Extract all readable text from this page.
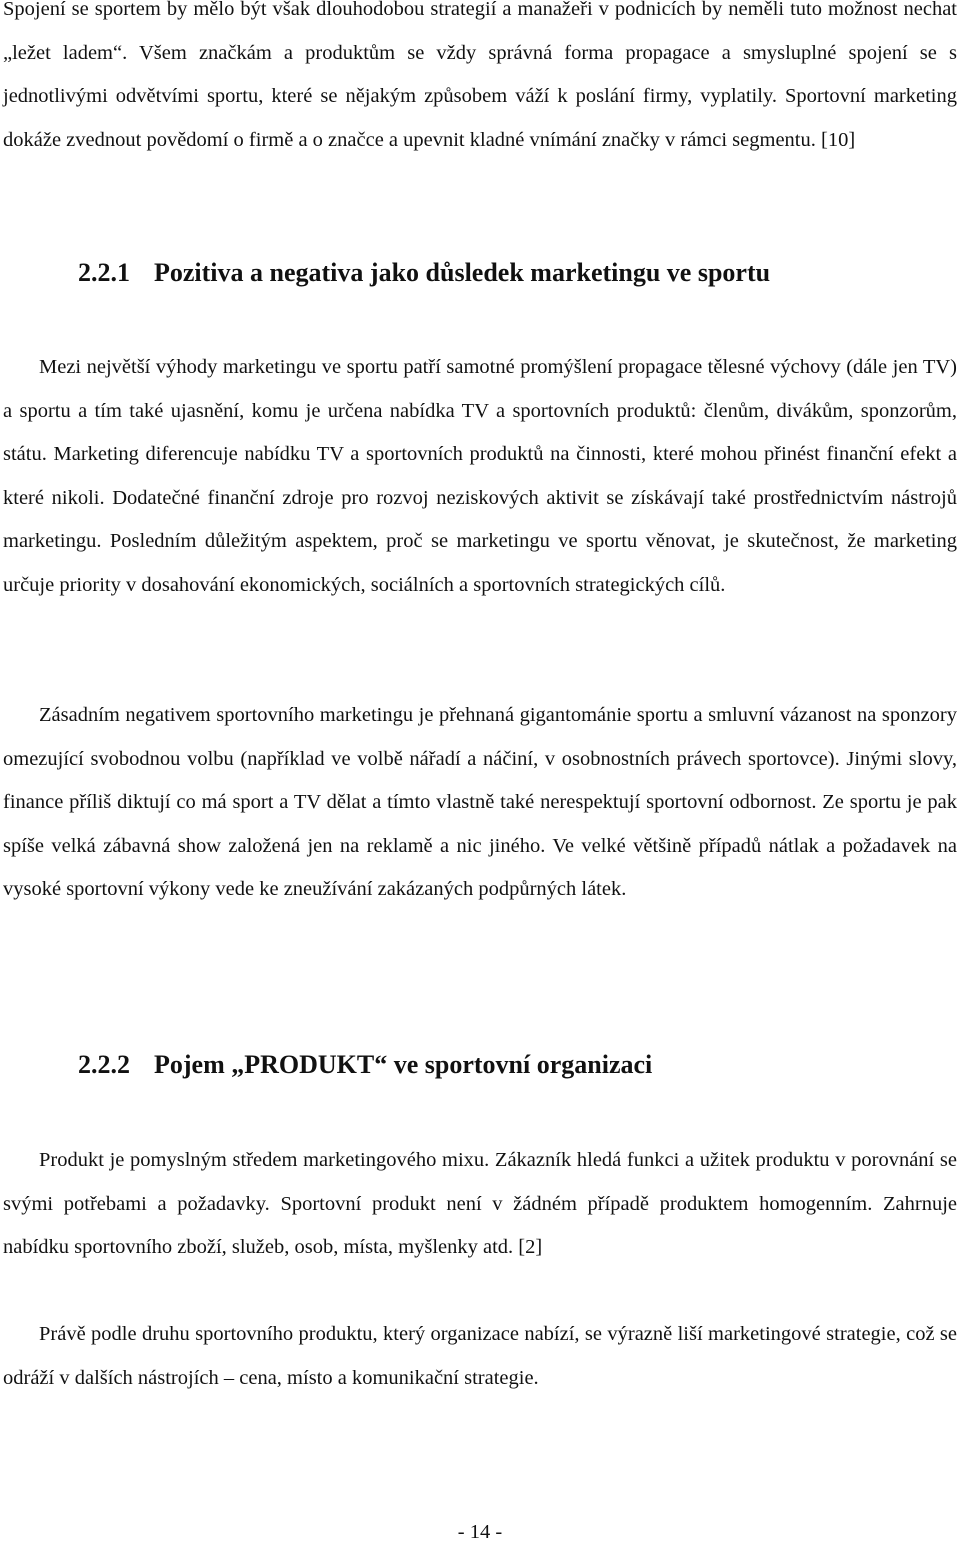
Spojení se sportem by mělo být však dlouhodobou strategií a manažeři v podnicích by neměli tuto možnost nechat „ležet ladem“. Všem značkám a produktům se vždy správná forma propagace a smysluplné spojení se s jednotlivými odvětvími sportu, které se nějakým způsobem váží k poslání firmy, vyplatily. Sportovní marketing dokáže zvednout povědomí o firmě a o značce a upevnit kladné vnímání značky v rámci segmentu. [10]

2.2.1 Pozitiva a negativa jako důsledek marketingu ve sportu

Mezi největší výhody marketingu ve sportu patří samotné promýšlení propagace tělesné výchovy (dále jen TV) a sportu a tím také ujasnění, komu je určena nabídka TV a sportovních produktů: členům, divákům, sponzorům, státu. Marketing diferencuje nabídku TV a sportovních produktů na činnosti, které mohou přinést finanční efekt a které nikoli. Dodatečné finanční zdroje pro rozvoj neziskových aktivit se získávají také prostřednictvím nástrojů marketingu. Posledním důležitým aspektem, proč se marketingu ve sportu věnovat, je skutečnost, že marketing určuje priority v dosahování ekonomických, sociálních a sportovních strategických cílů.

Zásadním negativem sportovního marketingu je přehnaná gigantománie sportu a smluvní vázanost na sponzory omezující svobodnou volbu (například ve volbě nářadí a náčiní, v osobnostních právech sportovce). Jinými slovy, finance příliš diktují co má sport a TV dělat a tímto vlastně také nerespektují sportovní odbornost. Ze sportu je pak spíše velká zábavná show založená jen na reklamě a nic jiného. Ve velké většině případů nátlak a požadavek na vysoké sportovní výkony vede ke zneužívání zakázaných podpůrných látek.

2.2.2 Pojem „PRODUKT“ ve sportovní organizaci

Produkt je pomyslným středem marketingového mixu. Zákazník hledá funkci a užitek produktu v porovnání se svými potřebami a požadavky. Sportovní produkt není v žádném případě produktem homogenním. Zahrnuje nabídku sportovního zboží, služeb, osob, místa, myšlenky atd. [2]

Právě podle druhu sportovního produktu, který organizace nabízí, se výrazně liší marketingové strategie, což se odráží v dalších nástrojích – cena, místo a komunikační strategie.

- 14 -
